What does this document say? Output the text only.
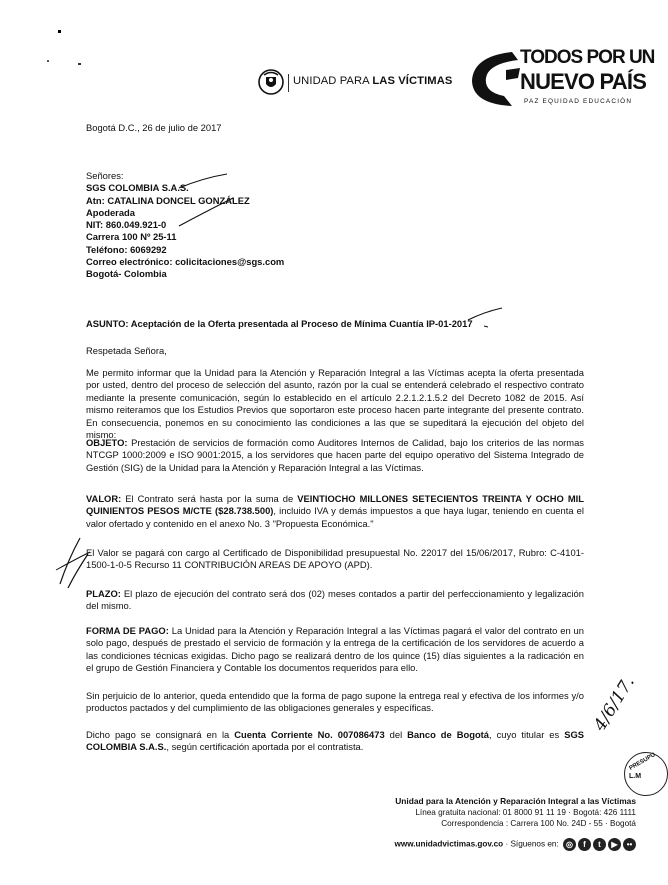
UNIDAD PARA LAS VÍCTIMAS
TODOS POR UN
NUEVO PAÍS
PAZ EQUIDAD EDUCACIÓN
Bogotá D.C., 26 de julio de 2017
Señores:
SGS COLOMBIA S.A.S.
Atn: CATALINA DONCEL GONZÁLEZ
Apoderada
NIT: 860.049.921-0
Carrera 100 Nº 25-11
Teléfono: 6069292
Correo electrónico: colicitaciones@sgs.com
Bogotá- Colombia
ASUNTO: Aceptación de la Oferta presentada al Proceso de Mínima Cuantía IP-01-2017
Respetada Señora,
Me permito informar que la Unidad para la Atención y Reparación Integral a las Víctimas acepta la oferta presentada por usted, dentro del proceso de selección del asunto, razón por la cual se entenderá celebrado el respectivo contrato mediante la presente comunicación, según lo establecido en el artículo 2.2.1.2.1.5.2 del Decreto 1082 de 2015. Así mismo reiteramos que los Estudios Previos que soportaron este proceso hacen parte integrante del presente contrato. En consecuencia, ponemos en su conocimiento las condiciones a las que se supeditará la ejecución del objeto del mismo:
OBJETO: Prestación de servicios de formación como Auditores Internos de Calidad, bajo los criterios de las normas NTCGP 1000:2009 e ISO 9001:2015, a los servidores que hacen parte del equipo operativo del Sistema Integrado de Gestión (SIG) de la Unidad para la Atención y Reparación Integral a las Víctimas.
VALOR: El Contrato será hasta por la suma de VEINTIOCHO MILLONES SETECIENTOS TREINTA Y OCHO MIL QUINIENTOS PESOS M/CTE ($28.738.500), incluido IVA y demás impuestos a que haya lugar, teniendo en cuenta el valor ofertado y contenido en el anexo No. 3 "Propuesta Económica."
El Valor se pagará con cargo al Certificado de Disponibilidad presupuestal No. 22017 del 15/06/2017, Rubro: C-4101-1500-1-0-5 Recurso 11 CONTRIBUCIÓN AREAS DE APOYO (APD).
PLAZO: El plazo de ejecución del contrato será dos (02) meses contados a partir del perfeccionamiento y legalización del mismo.
FORMA DE PAGO: La Unidad para la Atención y Reparación Integral a las Víctimas pagará el valor del contrato en un solo pago, después de prestado el servicio de formación y la entrega de la certificación de los servidores de acuerdo a las condiciones técnicas exigidas. Dicho pago se realizará dentro de los quince (15) días siguientes a la radicación en el grupo de Gestión Financiera y Contable los documentos requeridos para ello.
Sin perjuicio de lo anterior, queda entendido que la forma de pago supone la entrega real y efectiva de los informes y/o productos pactados y del cumplimiento de las obligaciones generales y específicas.
Dicho pago se consignará en la Cuenta Corriente No. 007086473 del Banco de Bogotá, cuyo titular es SGS COLOMBIA S.A.S., según certificación aportada por el contratista.
4/6/17.
PRESUPU
L.M
Unidad para la Atención y Reparación Integral a las Víctimas
Línea gratuita nacional: 01 8000 91 11 19 · Bogotá: 426 1111
Correspondencia : Carrera 100 No. 24D - 55 · Bogotá
www.unidadvictimas.gov.co · Síguenos en: ◎ f t ▶ ••
